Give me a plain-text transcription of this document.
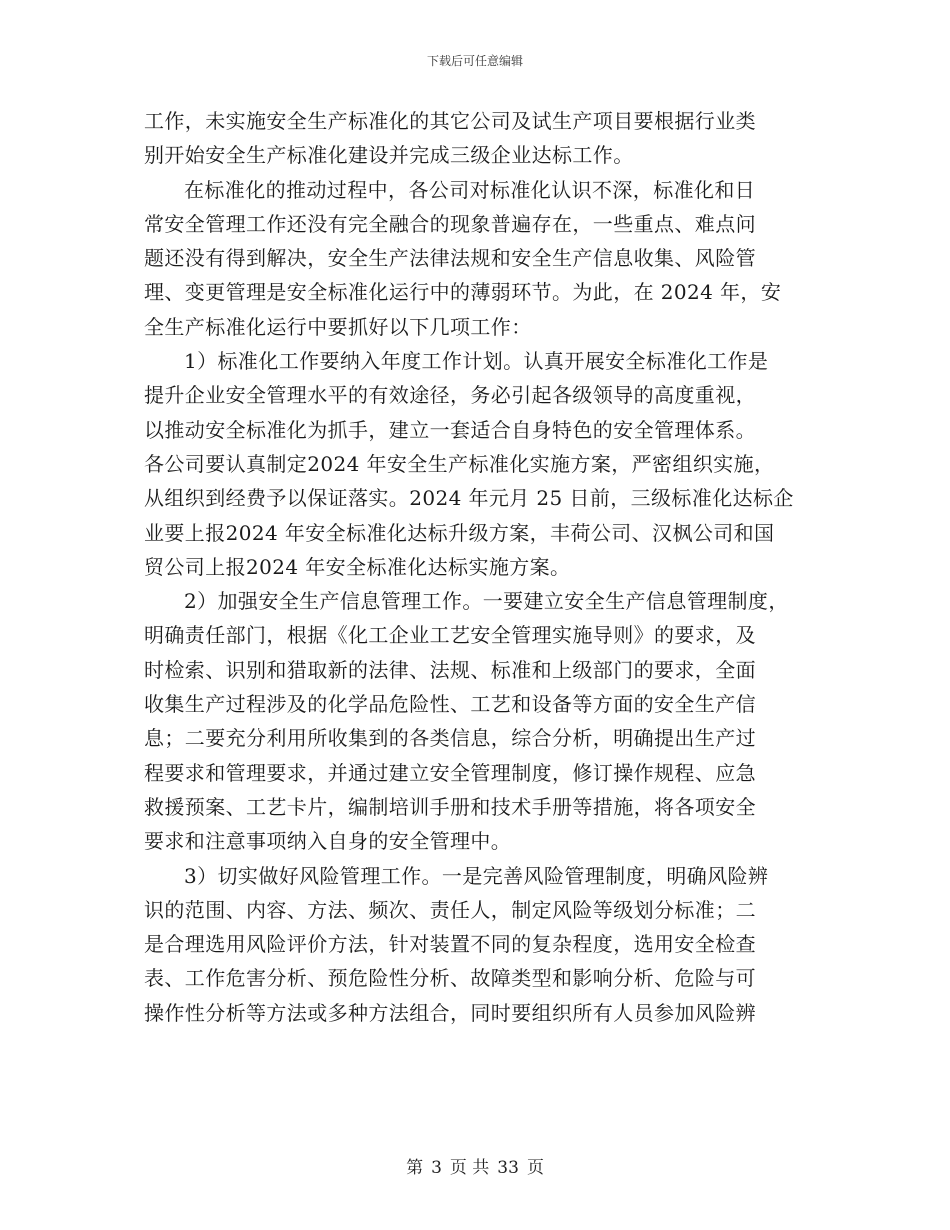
下载后可任意编辑
工作，未实施安全生产标准化的其它公司及试生产项目要根据行业类
别开始安全生产标准化建设并完成三级企业达标工作。
在标准化的推动过程中，各公司对标准化认识不深，标准化和日
常安全管理工作还没有完全融合的现象普遍存在，一些重点、难点问
题还没有得到解决，安全生产法律法规和安全生产信息收集、风险管
理、变更管理是安全标准化运行中的薄弱环节。为此，在 2024 年，安
全生产标准化运行中要抓好以下几项工作：
1）标准化工作要纳入年度工作计划。认真开展安全标准化工作是
提升企业安全管理水平的有效途径，务必引起各级领导的高度重视，
以推动安全标准化为抓手，建立一套适合自身特色的安全管理体系。
各公司要认真制定2024 年安全生产标准化实施方案，严密组织实施，
从组织到经费予以保证落实。2024 年元月 25 日前，三级标准化达标企
业要上报2024 年安全标准化达标升级方案，丰荷公司、汉枫公司和国
贸公司上报2024 年安全标准化达标实施方案。
2）加强安全生产信息管理工作。一要建立安全生产信息管理制度，
明确责任部门，根据《化工企业工艺安全管理实施导则》的要求，及
时检索、识别和猎取新的法律、法规、标准和上级部门的要求，全面
收集生产过程涉及的化学品危险性、工艺和设备等方面的安全生产信
息；二要充分利用所收集到的各类信息，综合分析，明确提出生产过
程要求和管理要求，并通过建立安全管理制度，修订操作规程、应急
救援预案、工艺卡片，编制培训手册和技术手册等措施，将各项安全
要求和注意事项纳入自身的安全管理中。
3）切实做好风险管理工作。一是完善风险管理制度，明确风险辨
识的范围、内容、方法、频次、责任人，制定风险等级划分标准；二
是合理选用风险评价方法，针对装置不同的复杂程度，选用安全检查
表、工作危害分析、预危险性分析、故障类型和影响分析、危险与可
操作性分析等方法或多种方法组合，同时要组织所有人员参加风险辨
第 3 页 共 33 页
